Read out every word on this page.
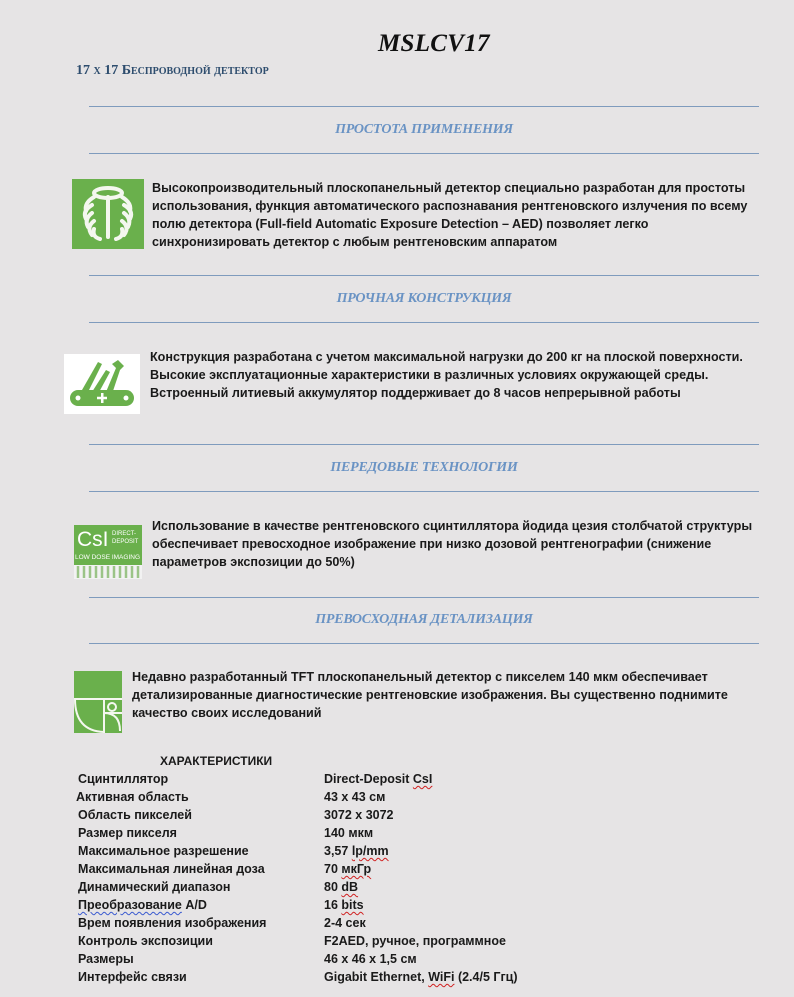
MSLCV17
17 х 17 Беспроводной детектор
ПРОСТОТА ПРИМЕНЕНИЯ
Высокопроизводительный плоскопанельный детектор специально разработан для простоты использования, функция автоматического распознавания рентгеновского излучения по всему полю детектора (Full-field Automatic Exposure Detection – AED) позволяет легко синхронизировать детектор с любым рентгеновским аппаратом
ПРОЧНАЯ КОНСТРУКЦИЯ
Конструкция разработана с учетом максимальной нагрузки до 200 кг на плоской поверхности. Высокие эксплуатационные характеристики в различных условиях окружающей среды. Встроенный литиевый аккумулятор поддерживает до 8 часов непрерывной работы
ПЕРЕДОВЫЕ ТЕХНОЛОГИИ
CsI DIRECT-
DEPOSIT
LOW DOSE IMAGING
Использование в качестве рентгеновского сцинтиллятора йодида цезия столбчатой структуры обеспечивает превосходное изображение при низко дозовой рентгенографии (снижение параметров экспозиции до 50%)
ПРЕВОСХОДНАЯ ДЕТАЛИЗАЦИЯ
Недавно разработанный TFT плоскопанельный детектор с пикселем 140 мкм обеспечивает детализированные диагностические рентгеновские изображения. Вы существенно поднимите качество своих исследований
ХАРАКТЕРИСТИКИ
Сцинтиллятор	Direct-Deposit CsI
Активная область	43 х 43 см
Область пикселей	3072 х 3072
Размер пикселя	140 мкм
Максимальное разрешение	3,57 lp/mm
Максимальная линейная доза	70 мкГр
Динамический диапазон	80 dB
Преобразование A/D	16 bits
Врем появления изображения	2-4 сек
Контроль экспозиции	F2AED, ручное, программное
Размеры	46 х 46 х 1,5 см
Интерфейс связи	Gigabit Ethernet, WiFi (2.4/5 Ггц)
